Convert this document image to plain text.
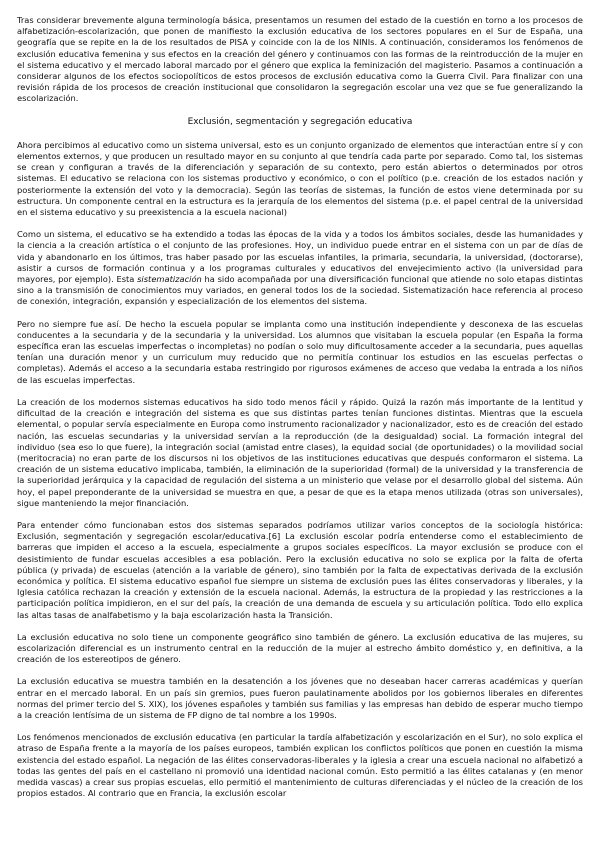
Tras considerar brevemente alguna terminología básica, presentamos un resumen del estado de la cuestión en torno a los procesos de alfabetización-escolarización, que ponen de manifiesto la exclusión educativa de los sectores populares en el Sur de España, una geografía que se repite en la de los resultados de PISA y coincide con la de los NINIs. A continuación, consideramos los fenómenos de exclusión educativa femenina y sus efectos en la creación del género y continuamos con las formas de la reintroducción de la mujer en el sistema educativo y el mercado laboral marcado por el género que explica la feminización del magisterio. Pasamos a continuación a considerar algunos de los efectos sociopolíticos de estos procesos de exclusión educativa como la Guerra Civil. Para finalizar con una revisión rápida de los procesos de creación institucional que consolidaron la segregación escolar una vez que se fue generalizando la escolarización.

Exclusión, segmentación y segregación educativa

Ahora percibimos al educativo como un sistema universal, esto es un conjunto organizado de elementos que interactúan entre sí y con elementos externos, y que producen un resultado mayor en su conjunto al que tendría cada parte por separado. Como tal, los sistemas se crean y configuran a través de la diferenciación y separación de su contexto, pero están abiertos o determinados por otros sistemas. El educativo se relaciona con los sistemas productivo y económico, o con el político (p.e. creación de los estados nación y posteriormente la extensión del voto y la democracia). Según las teorías de sistemas, la función de estos viene determinada por su estructura. Un componente central en la estructura es la jerarquía de los elementos del sistema (p.e. el papel central de la universidad en el sistema educativo y su preexistencia a la escuela nacional)

Como un sistema, el educativo se ha extendido a todas las épocas de la vida y a todos los ámbitos sociales, desde las humanidades y la ciencia a la creación artística o el conjunto de las profesiones. Hoy, un individuo puede entrar en el sistema con un par de días de vida y abandonarlo en los últimos, tras haber pasado por las escuelas infantiles, la primaria, secundaria, la universidad, (doctorarse), asistir a cursos de formación continua y a los programas culturales y educativos del envejecimiento activo (la universidad para mayores, por ejemplo). Esta sistematización ha sido acompañada por una diversificación funcional que atiende no solo etapas distintas sino a la transmisión de conocimientos muy variados, en general todos los de la sociedad. Sistematización hace referencia al proceso de conexión, integración, expansión y especialización de los elementos del sistema.

Pero no siempre fue así. De hecho la escuela popular se implanta como una institución independiente y desconexa de las escuelas conducentes a la secundaria y de la secundaria y la universidad. Los alumnos que visitaban la escuela popular (en España la forma específica eran las escuelas imperfectas o incompletas) no podían o solo muy dificultosamente acceder a la secundaria, pues aquellas tenían una duración menor y un curriculum muy reducido que no permitía continuar los estudios en las escuelas perfectas o completas). Además el acceso a la secundaria estaba restringido por rigurosos exámenes de acceso que vedaba la entrada a los niños de las escuelas imperfectas.

La creación de los modernos sistemas educativos ha sido todo menos fácil y rápido. Quizá la razón más importante de la lentitud y dificultad de la creación e integración del sistema es que sus distintas partes tenían funciones distintas. Mientras que la escuela elemental, o popular servía especialmente en Europa como instrumento racionalizador y nacionalizador, esto es de creación del estado nación, las escuelas secundarias y la universidad servían a la reproducción (de la desigualdad) social. La formación integral del individuo (sea eso lo que fuere), la integración social (amistad entre clases), la equidad social (de oportunidades) o la movilidad social (meritocracia) no eran parte de los discursos ni los objetivos de las instituciones educativas que después conformaron el sistema. La creación de un sistema educativo implicaba, también, la eliminación de la superioridad (formal) de la universidad y la transferencia de la superioridad jerárquica y la capacidad de regulación del sistema a un ministerio que velase por el desarrollo global del sistema. Aún hoy, el papel preponderante de la universidad se muestra en que, a pesar de que es la etapa menos utilizada (otras son universales), sigue manteniendo la mejor financiación.

Para entender cómo funcionaban estos dos sistemas separados podríamos utilizar varios conceptos de la sociología histórica: Exclusión, segmentación y segregación escolar/educativa.[6] La exclusión escolar podría entenderse como el establecimiento de barreras que impiden el acceso a la escuela, especialmente a grupos sociales específicos. La mayor exclusión se produce con el desistimiento de fundar escuelas accesibles a esa población. Pero la exclusión educativa no solo se explica por la falta de oferta pública (y privada) de escuelas (atención a la variable de género), sino también por la falta de expectativas derivada de la exclusión económica y política. El sistema educativo español fue siempre un sistema de exclusión pues las élites conservadoras y liberales, y la Iglesia católica rechazan la creación y extensión de la escuela nacional. Además, la estructura de la propiedad y las restricciones a la participación política impidieron, en el sur del país, la creación de una demanda de escuela y su articulación política. Todo ello explica las altas tasas de analfabetismo y la baja escolarización hasta la Transición.

La exclusión educativa no solo tiene un componente geográfico sino también de género. La exclusión educativa de las mujeres, su escolarización diferencial es un instrumento central en la reducción de la mujer al estrecho ámbito doméstico y, en definitiva, a la creación de los estereotipos de género.

La exclusión educativa se muestra también en la desatención a los jóvenes que no deseaban hacer carreras académicas y querían entrar en el mercado laboral. En un país sin gremios, pues fueron paulatinamente abolidos por los gobiernos liberales en diferentes normas del primer tercio del S. XIX), los jóvenes españoles y también sus familias y las empresas han debido de esperar mucho tiempo a la creación lentísima de un sistema de FP digno de tal nombre a los 1990s.

Los fenómenos mencionados de exclusión educativa (en particular la tardía alfabetización y escolarización en el Sur), no solo explica el atraso de España frente a la mayoría de los países europeos, también explican los conflictos políticos que ponen en cuestión la misma existencia del estado español. La negación de las élites conservadoras-liberales y la iglesia a crear una escuela nacional no alfabetizó a todas las gentes del país en el castellano ni promovió una identidad nacional común. Esto permitió a las élites catalanas y (en menor medida vascas) a crear sus propias escuelas, ello permitió el mantenimiento de culturas diferenciadas y el núcleo de la creación de los propios estados. Al contrario que en Francia, la exclusión escolar
